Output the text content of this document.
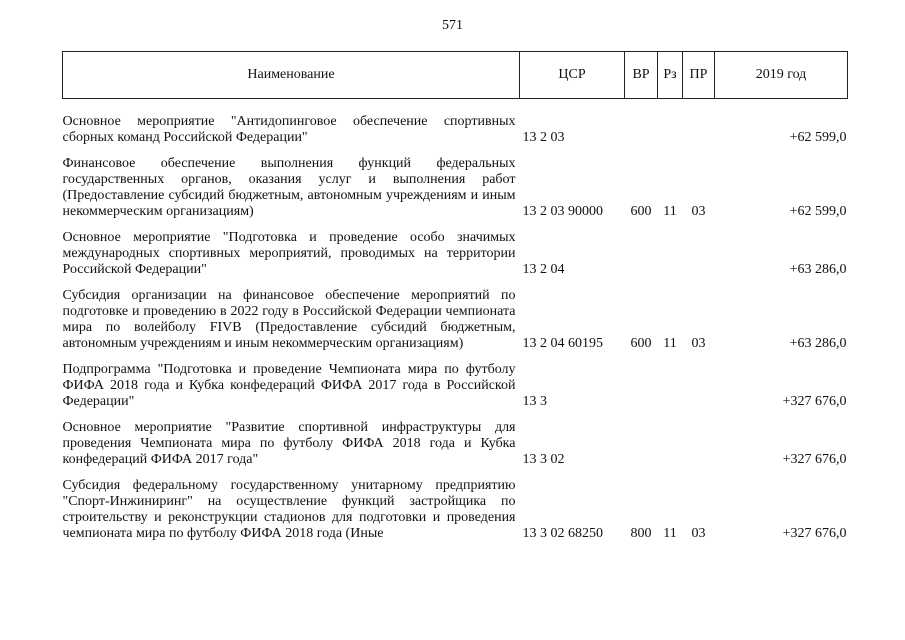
571
Наименование	ЦСР	ВР	Рз	ПР	2019 год
Основное мероприятие "Антидопинговое обеспечение спортивных сборных команд Российской Федерации"	13 2 03				+62 599,0
Финансовое обеспечение выполнения функций федеральных государственных органов, оказания услуг и выполнения работ (Предоставление субсидий бюджетным, автономным учреждениям и иным некоммерческим организациям)	13 2 03 90000	600	11	03	+62 599,0
Основное мероприятие "Подготовка и проведение особо значимых международных спортивных мероприятий, проводимых на территории Российской Федерации"	13 2 04				+63 286,0
Субсидия организации на финансовое обеспечение мероприятий по подготовке и проведению в 2022 году в Российской Федерации чемпионата мира по волейболу FIVB (Предоставление субсидий бюджетным, автономным учреждениям и иным некоммерческим организациям)	13 2 04 60195	600	11	03	+63 286,0
Подпрограмма "Подготовка и проведение Чемпионата мира по футболу ФИФА 2018 года и Кубка конфедераций ФИФА 2017 года в Российской Федерации"	13 3				+327 676,0
Основное мероприятие "Развитие спортивной инфраструктуры для проведения Чемпионата мира по футболу ФИФА 2018 года и Кубка конфедераций ФИФА 2017 года"	13 3 02				+327 676,0
Субсидия федеральному государственному унитарному предприятию "Спорт-Инжиниринг" на осуществление функций застройщика по строительству и реконструкции стадионов для подготовки и проведения чемпионата мира по футболу ФИФА 2018 года (Иные	13 3 02 68250	800	11	03	+327 676,0
